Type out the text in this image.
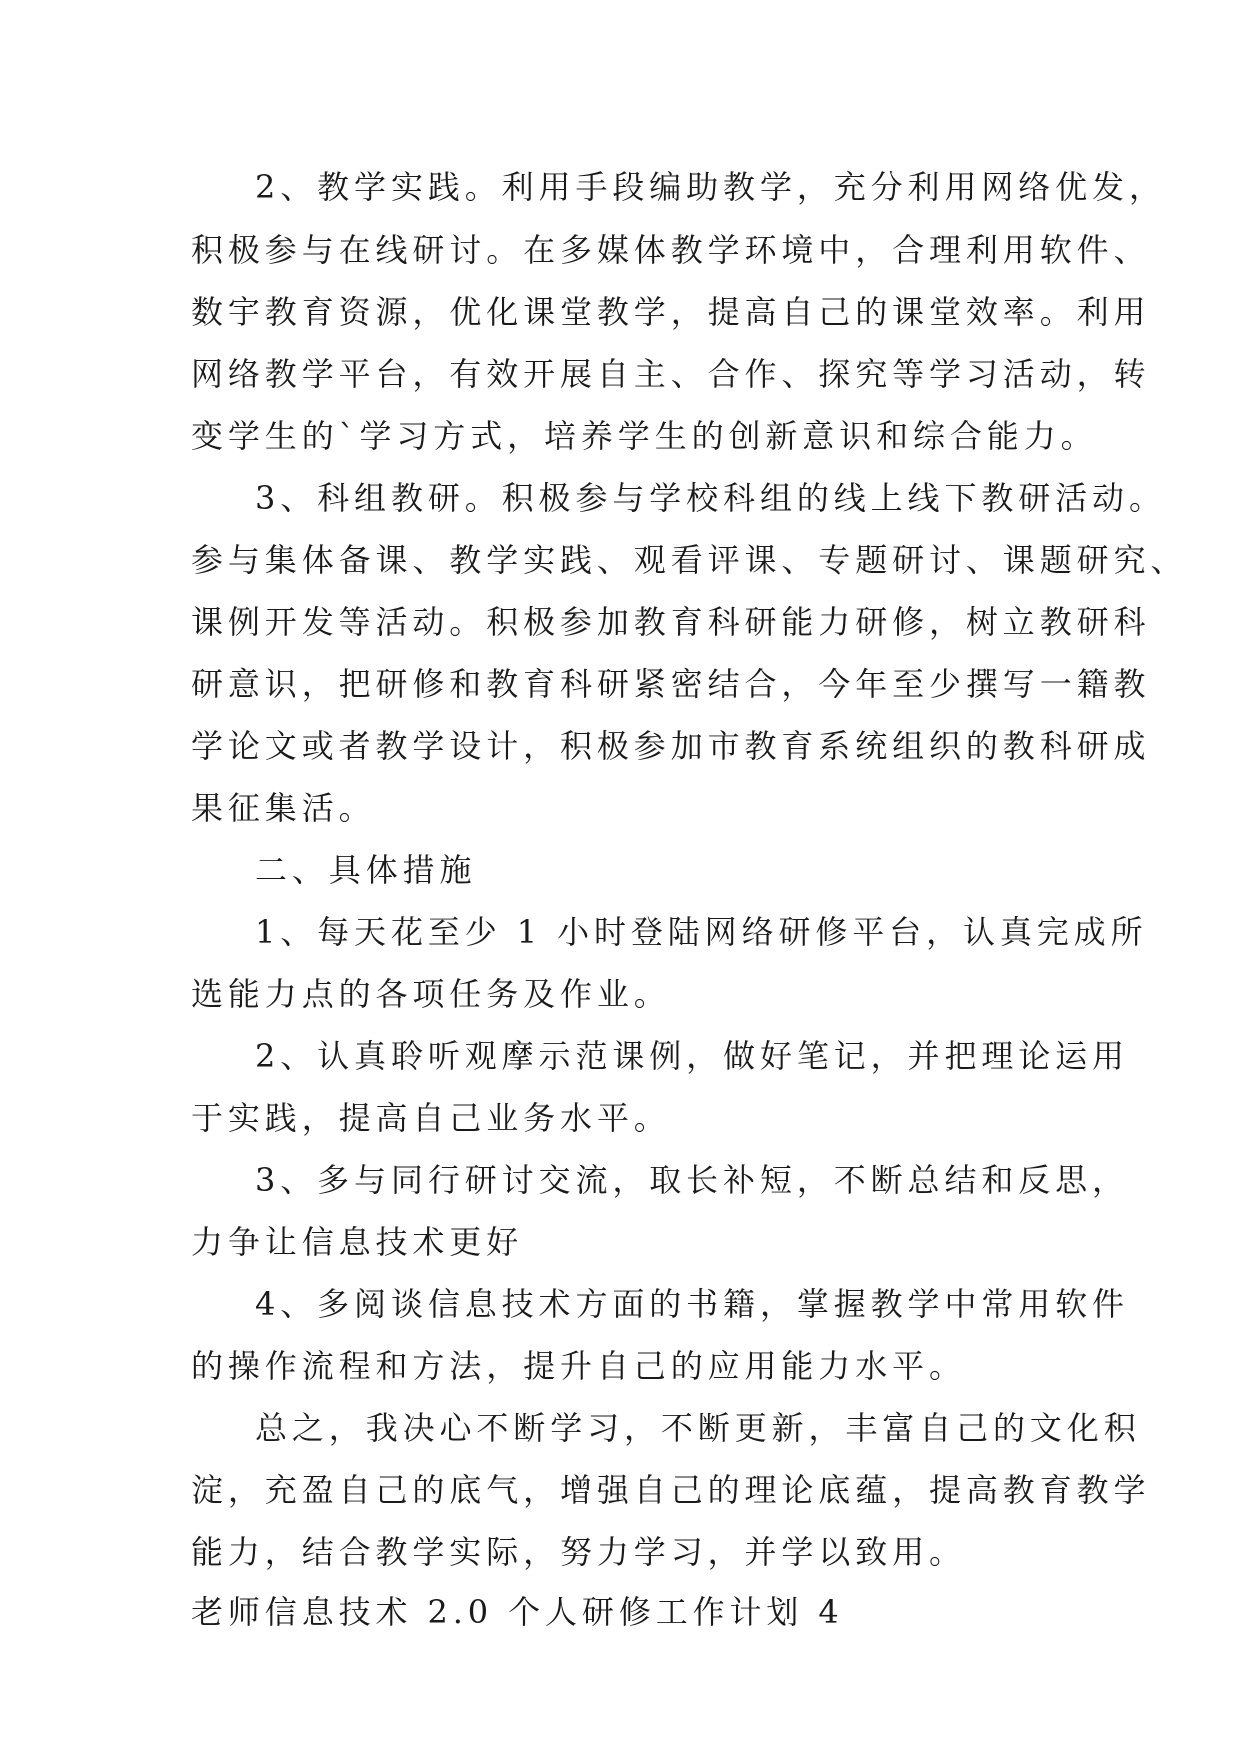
2、教学实践。利用手段编助教学，充分利用网络优发，
积极参与在线研讨。在多媒体教学环境中，合理利用软件、
数宇教育资源，优化课堂教学，提高自己的课堂效率。利用
网络教学平台，有效开展自主、合作、探究等学习活动，转
变学生的`学习方式，培养学生的创新意识和综合能力。
3、科组教研。积极参与学校科组的线上线下教研活动。
参与集体备课、教学实践、观看评课、专题研讨、课题研究、
课例开发等活动。积极参加教育科研能力研修，树立教研科
研意识，把研修和教育科研紧密结合，今年至少撰写一籍教
学论文或者教学设计，积极参加市教育系统组织的教科研成
果征集活。
二、具体措施
1、每天花至少 1 小时登陆网络研修平台，认真完成所
选能力点的各项任务及作业。
2、认真聆听观摩示范课例，做好笔记，并把理论运用
于实践，提高自己业务水平。
3、多与同行研讨交流，取长补短，不断总结和反思，
力争让信息技术更好
4、多阅谈信息技术方面的书籍，掌握教学中常用软件
的操作流程和方法，提升自己的应用能力水平。
总之，我决心不断学习，不断更新，丰富自己的文化积
淀，充盈自己的底气，增强自己的理论底蕴，提高教育教学
能力，结合教学实际，努力学习，并学以致用。
老师信息技术 2.0 个人研修工作计划 4
